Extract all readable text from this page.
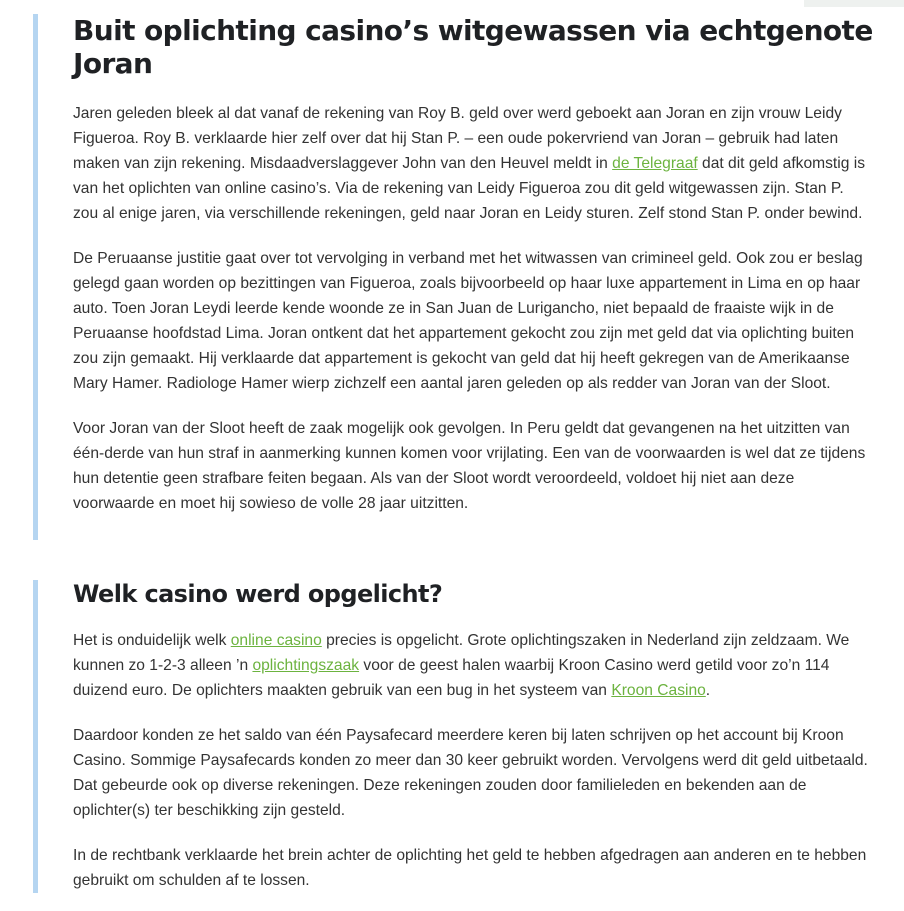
Buit oplichting casino’s witgewassen via echtgenote Joran

Jaren geleden bleek al dat vanaf de rekening van Roy B. geld over werd geboekt aan Joran en zijn vrouw Leidy Figueroa. Roy B. verklaarde hier zelf over dat hij Stan P. – een oude pokervriend van Joran – gebruik had laten maken van zijn rekening. Misdaadverslaggever John van den Heuvel meldt in de Telegraaf dat dit geld afkomstig is van het oplichten van online casino’s. Via de rekening van Leidy Figueroa zou dit geld witgewassen zijn. Stan P. zou al enige jaren, via verschillende rekeningen, geld naar Joran en Leidy sturen. Zelf stond Stan P. onder bewind.

De Peruaanse justitie gaat over tot vervolging in verband met het witwassen van crimineel geld. Ook zou er beslag gelegd gaan worden op bezittingen van Figueroa, zoals bijvoorbeeld op haar luxe appartement in Lima en op haar auto. Toen Joran Leydi leerde kende woonde ze in San Juan de Lurigancho, niet bepaald de fraaiste wijk in de Peruaanse hoofdstad Lima. Joran ontkent dat het appartement gekocht zou zijn met geld dat via oplichting buiten zou zijn gemaakt. Hij verklaarde dat appartement is gekocht van geld dat hij heeft gekregen van de Amerikaanse Mary Hamer. Radiologe Hamer wierp zichzelf een aantal jaren geleden op als redder van Joran van der Sloot.

Voor Joran van der Sloot heeft de zaak mogelijk ook gevolgen. In Peru geldt dat gevangenen na het uitzitten van één-derde van hun straf in aanmerking kunnen komen voor vrijlating. Een van de voorwaarden is wel dat ze tijdens hun detentie geen strafbare feiten begaan. Als van der Sloot wordt veroordeeld, voldoet hij niet aan deze voorwaarde en moet hij sowieso de volle 28 jaar uitzitten.

Welk casino werd opgelicht?

Het is onduidelijk welk online casino precies is opgelicht. Grote oplichtingszaken in Nederland zijn zeldzaam. We kunnen zo 1-2-3 alleen ’n oplichtingszaak voor de geest halen waarbij Kroon Casino werd getild voor zo’n 114 duizend euro. De oplichters maakten gebruik van een bug in het systeem van Kroon Casino.

Daardoor konden ze het saldo van één Paysafecard meerdere keren bij laten schrijven op het account bij Kroon Casino. Sommige Paysafecards konden zo meer dan 30 keer gebruikt worden. Vervolgens werd dit geld uitbetaald. Dat gebeurde ook op diverse rekeningen. Deze rekeningen zouden door familieleden en bekenden aan de oplichter(s) ter beschikking zijn gesteld.

In de rechtbank verklaarde het brein achter de oplichting het geld te hebben afgedragen aan anderen en te hebben gebruikt om schulden af te lossen.
